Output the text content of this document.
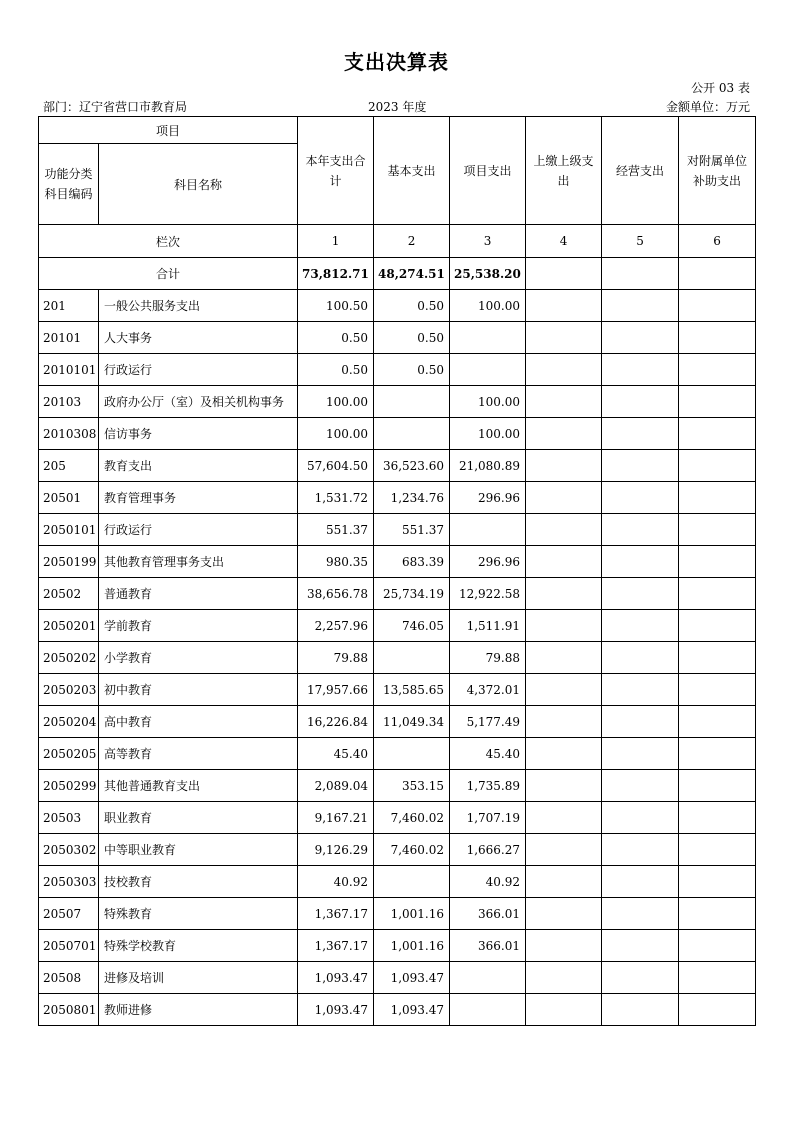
支出决算表
公开 03 表
部门：辽宁省营口市教育局	2023 年度	金额单位：万元
项目		本年支出合计	基本支出	项目支出	上缴上级支出	经营支出	对附属单位补助支出
功能分类科目编码	科目名称						
栏次		1	2	3	4	5	6
合计		73,812.71	48,274.51	25,538.20			
201	一般公共服务支出	100.50	0.50	100.00			
20101	人大事务	0.50	0.50				
2010101	行政运行	0.50	0.50				
20103	政府办公厅（室）及相关机构事务	100.00		100.00			
2010308	信访事务	100.00		100.00			
205	教育支出	57,604.50	36,523.60	21,080.89			
20501	教育管理事务	1,531.72	1,234.76	296.96			
2050101	行政运行	551.37	551.37				
2050199	其他教育管理事务支出	980.35	683.39	296.96			
20502	普通教育	38,656.78	25,734.19	12,922.58			
2050201	学前教育	2,257.96	746.05	1,511.91			
2050202	小学教育	79.88		79.88			
2050203	初中教育	17,957.66	13,585.65	4,372.01			
2050204	高中教育	16,226.84	11,049.34	5,177.49			
2050205	高等教育	45.40		45.40			
2050299	其他普通教育支出	2,089.04	353.15	1,735.89			
20503	职业教育	9,167.21	7,460.02	1,707.19			
2050302	中等职业教育	9,126.29	7,460.02	1,666.27			
2050303	技校教育	40.92		40.92			
20507	特殊教育	1,367.17	1,001.16	366.01			
2050701	特殊学校教育	1,367.17	1,001.16	366.01			
20508	进修及培训	1,093.47	1,093.47				
2050801	教师进修	1,093.47	1,093.47				
